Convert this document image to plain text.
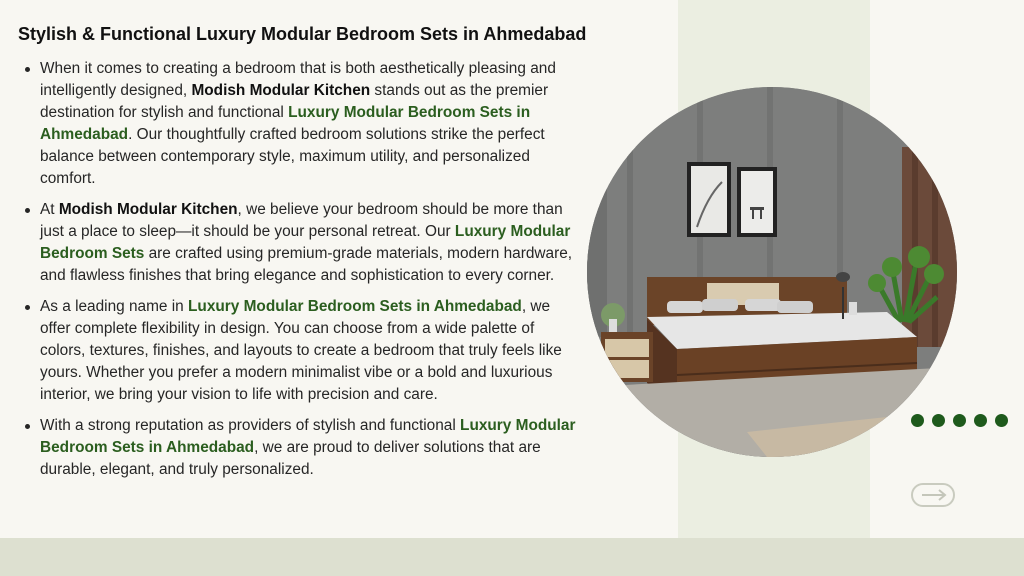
Stylish & Functional Luxury Modular Bedroom Sets in Ahmedabad
When it comes to creating a bedroom that is both aesthetically pleasing and intelligently designed, Modish Modular Kitchen stands out as the premier destination for stylish and functional Luxury Modular Bedroom Sets in Ahmedabad. Our thoughtfully crafted bedroom solutions strike the perfect balance between contemporary style, maximum utility, and personalized comfort.
At Modish Modular Kitchen, we believe your bedroom should be more than just a place to sleep—it should be your personal retreat. Our Luxury Modular Bedroom Sets are crafted using premium-grade materials, modern hardware, and flawless finishes that bring elegance and sophistication to every corner.
As a leading name in Luxury Modular Bedroom Sets in Ahmedabad, we offer complete flexibility in design. You can choose from a wide palette of colors, textures, finishes, and layouts to create a bedroom that truly feels like yours. Whether you prefer a modern minimalist vibe or a bold and luxurious interior, we bring your vision to life with precision and care.
With a strong reputation as providers of stylish and functional Luxury Modular Bedroom Sets in Ahmedabad, we are proud to deliver solutions that are durable, elegant, and truly personalized.
